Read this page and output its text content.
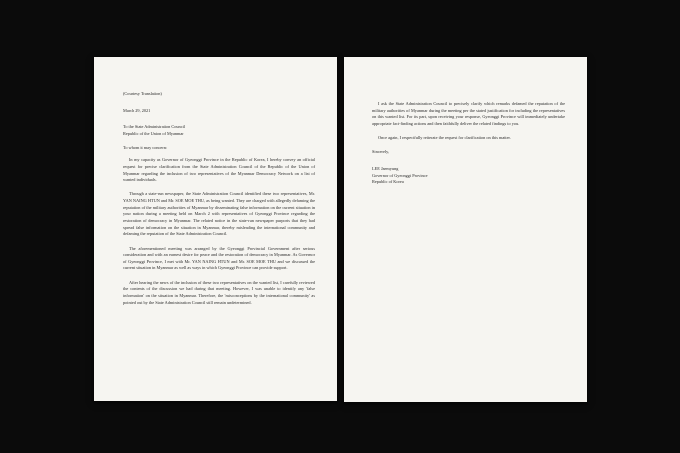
(Courtesy Translation)

March 29, 2021

To the State Administration Council

Republic of the Union of Myanmar

To whom it may concern:

In my capacity as Governor of Gyeonggi Province in the Republic of Korea, I hereby convey an official request for precise clarification from the State Administration Council of the Republic of the Union of Myanmar regarding the inclusion of two representatives of the Myanmar Democracy Network on a list of wanted individuals.

Through a state-run newspaper, the State Administration Council identified these two representatives, Mr. YAN NAING HTUN and Mr. SOE MOE THU, as being wanted. They are charged with allegedly defaming the reputation of the military authorities of Myanmar by disseminating false information on the current situation in your nation during a meeting held on March 2 with representatives of Gyeonggi Province regarding the restoration of democracy in Myanmar. The related notice in the state-run newspaper purports that they had spread false information on the situation in Myanmar, thereby misleading the international community and defaming the reputation of the State Administration Council.

The aforementioned meeting was arranged by the Gyeonggi Provincial Government after serious consideration and with an earnest desire for peace and the restoration of democracy in Myanmar. As Governor of Gyeonggi Province, I met with Mr. YAN NAING HTUN and Mr. SOE MOE THU and we discussed the current situation in Myanmar as well as ways in which Gyeonggi Province can provide support.

After hearing the news of the inclusion of these two representatives on the wanted list, I carefully reviewed the contents of the discussion we had during that meeting. However, I was unable to identify any 'false information' on the situation in Myanmar. Therefore, the 'misconceptions by the international community' as pointed out by the State Administration Council still remain undetermined.

I ask the State Administration Council to precisely clarify which remarks defamed the reputation of the military authorities of Myanmar during the meeting per the stated justification for including the representatives on this wanted list. For its part, upon receiving your response, Gyeonggi Province will immediately undertake appropriate fact-finding actions and then faithfully deliver the related findings to you.

Once again, I respectfully reiterate the request for clarification on this matter.

Sincerely,

LEE Jaemyung

Governor of Gyeonggi Province

Republic of Korea
